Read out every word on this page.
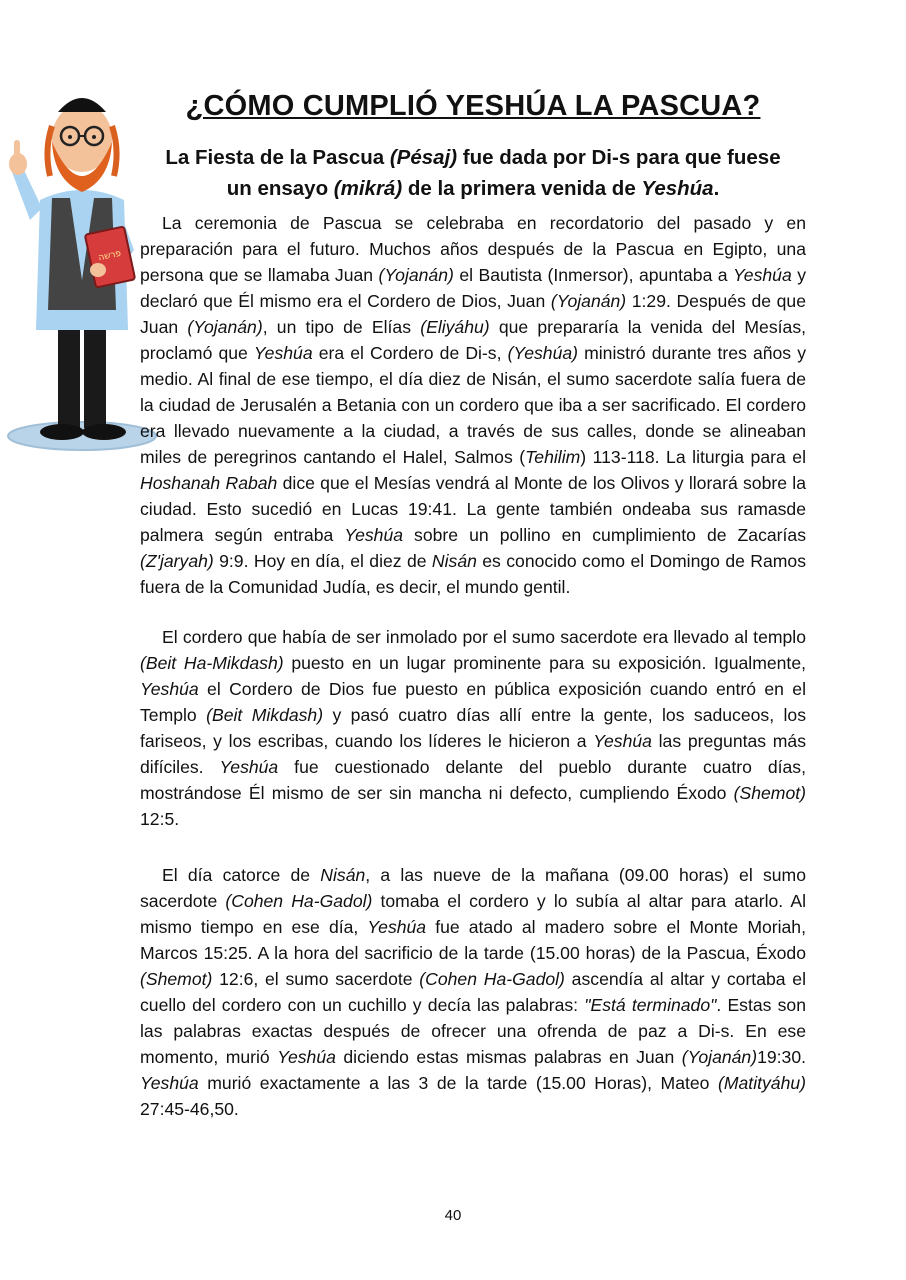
פרשה
¿CÓMO CUMPLIÓ YESHÚA LA PASCUA?
La Fiesta de la Pascua (Pésaj) fue dada por Di-s para que fuese
un ensayo (mikrá) de la primera venida de Yeshúa.

La ceremonia de Pascua se celebraba en recordatorio del pasado y en preparación para el futuro. Muchos años después de la Pascua en Egipto, una persona que se llamaba Juan (Yojanán) el Bautista (Inmersor), apuntaba a Yeshúa y declaró que Él mismo era el Cordero de Dios, Juan (Yojanán) 1:29. Después de que Juan (Yojanán), un tipo de Elías (Eliyáhu) que prepararía la venida del Mesías, proclamó que Yeshúa era el Cordero de Di-s, (Yeshúa) ministró durante tres años y medio. Al final de ese tiempo, el día diez de Nisán, el sumo sacerdote salía fuera de la ciudad de Jerusalén a Betania con un cordero que iba a ser sacrificado. El cordero era llevado nuevamente a la ciudad, a través de sus calles, donde se alineaban miles de peregrinos cantando el Halel, Salmos (Tehilim) 113-118. La liturgia para el Hoshanah Rabah dice que el Mesías vendrá al Monte de los Olivos y llorará sobre la ciudad. Esto sucedió en Lucas 19:41. La gente también ondeaba sus ramasde palmera según entraba Yeshúa sobre un pollino en cumplimiento de Zacarías (Z'jaryah) 9:9. Hoy en día, el diez de Nisán es conocido como el Domingo de Ramos fuera de la Comunidad Judía, es decir, el mundo gentil.

El cordero que había de ser inmolado por el sumo sacerdote era llevado al templo (Beit Ha-Mikdash) puesto en un lugar prominente para su exposición. Igualmente, Yeshúa el Cordero de Dios fue puesto en pública exposición cuando entró en el Templo (Beit Mikdash) y pasó cuatro días allí entre la gente, los saduceos, los fariseos, y los escribas, cuando los líderes le hicieron a Yeshúa las preguntas más difíciles. Yeshúa fue cuestionado delante del pueblo durante cuatro días, mostrándose Él mismo de ser sin mancha ni defecto, cumpliendo Éxodo (Shemot) 12:5.

El día catorce de Nisán, a las nueve de la mañana (09.00 horas) el sumo sacerdote (Cohen Ha-Gadol) tomaba el cordero y lo subía al altar para atarlo. Al mismo tiempo en ese día, Yeshúa fue atado al madero sobre el Monte Moriah, Marcos 15:25. A la hora del sacrificio de la tarde (15.00 horas) de la Pascua, Éxodo (Shemot) 12:6, el sumo sacerdote (Cohen Ha-Gadol) ascendía al altar y cortaba el cuello del cordero con un cuchillo y decía las palabras: "Está terminado". Estas son las palabras exactas después de ofrecer una ofrenda de paz a Di-s. En ese momento, murió Yeshúa diciendo estas mismas palabras en Juan (Yojanán)19:30. Yeshúa murió exactamente a las 3 de la tarde (15.00 Horas), Mateo (Matityáhu) 27:45-46,50.

40
